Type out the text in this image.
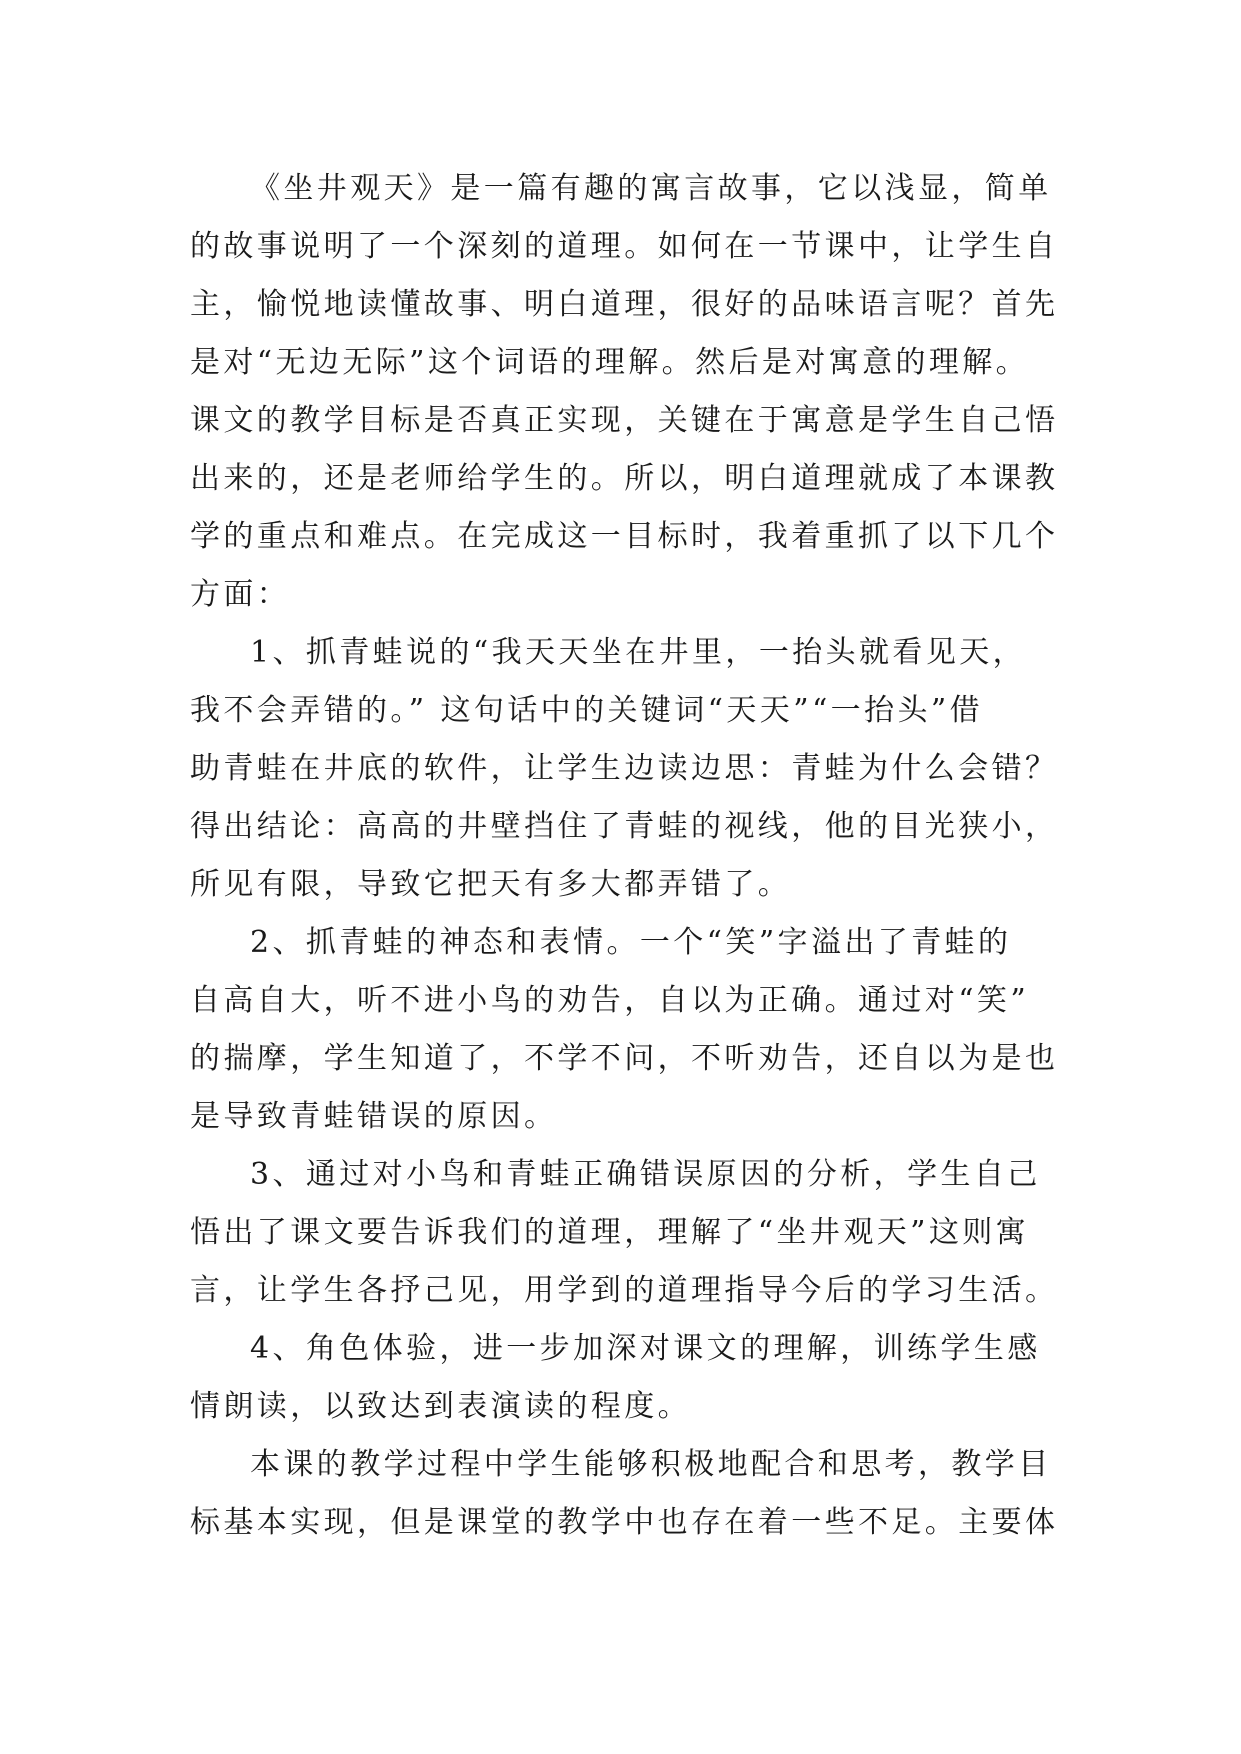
《坐井观天》是一篇有趣的寓言故事，它以浅显，简单
的故事说明了一个深刻的道理。如何在一节课中，让学生自
主，愉悦地读懂故事、明白道理，很好的品味语言呢？首先
是对“无边无际”这个词语的理解。然后是对寓意的理解。
课文的教学目标是否真正实现，关键在于寓意是学生自己悟
出来的，还是老师给学生的。所以，明白道理就成了本课教
学的重点和难点。在完成这一目标时，我着重抓了以下几个
方面：

1、抓青蛙说的“我天天坐在井里，一抬头就看见天，
我不会弄错的。” 这句话中的关键词“天天”“一抬头”借
助青蛙在井底的软件，让学生边读边思：青蛙为什么会错？
得出结论：高高的井壁挡住了青蛙的视线，他的目光狭小，
所见有限，导致它把天有多大都弄错了。

2、抓青蛙的神态和表情。一个“笑”字溢出了青蛙的
自高自大，听不进小鸟的劝告，自以为正确。通过对“笑”
的揣摩，学生知道了，不学不问，不听劝告，还自以为是也
是导致青蛙错误的原因。

3、通过对小鸟和青蛙正确错误原因的分析，学生自己
悟出了课文要告诉我们的道理，理解了“坐井观天”这则寓
言，让学生各抒己见，用学到的道理指导今后的学习生活。

4、角色体验，进一步加深对课文的理解，训练学生感
情朗读，以致达到表演读的程度。

本课的教学过程中学生能够积极地配合和思考，教学目
标基本实现，但是课堂的教学中也存在着一些不足。主要体
